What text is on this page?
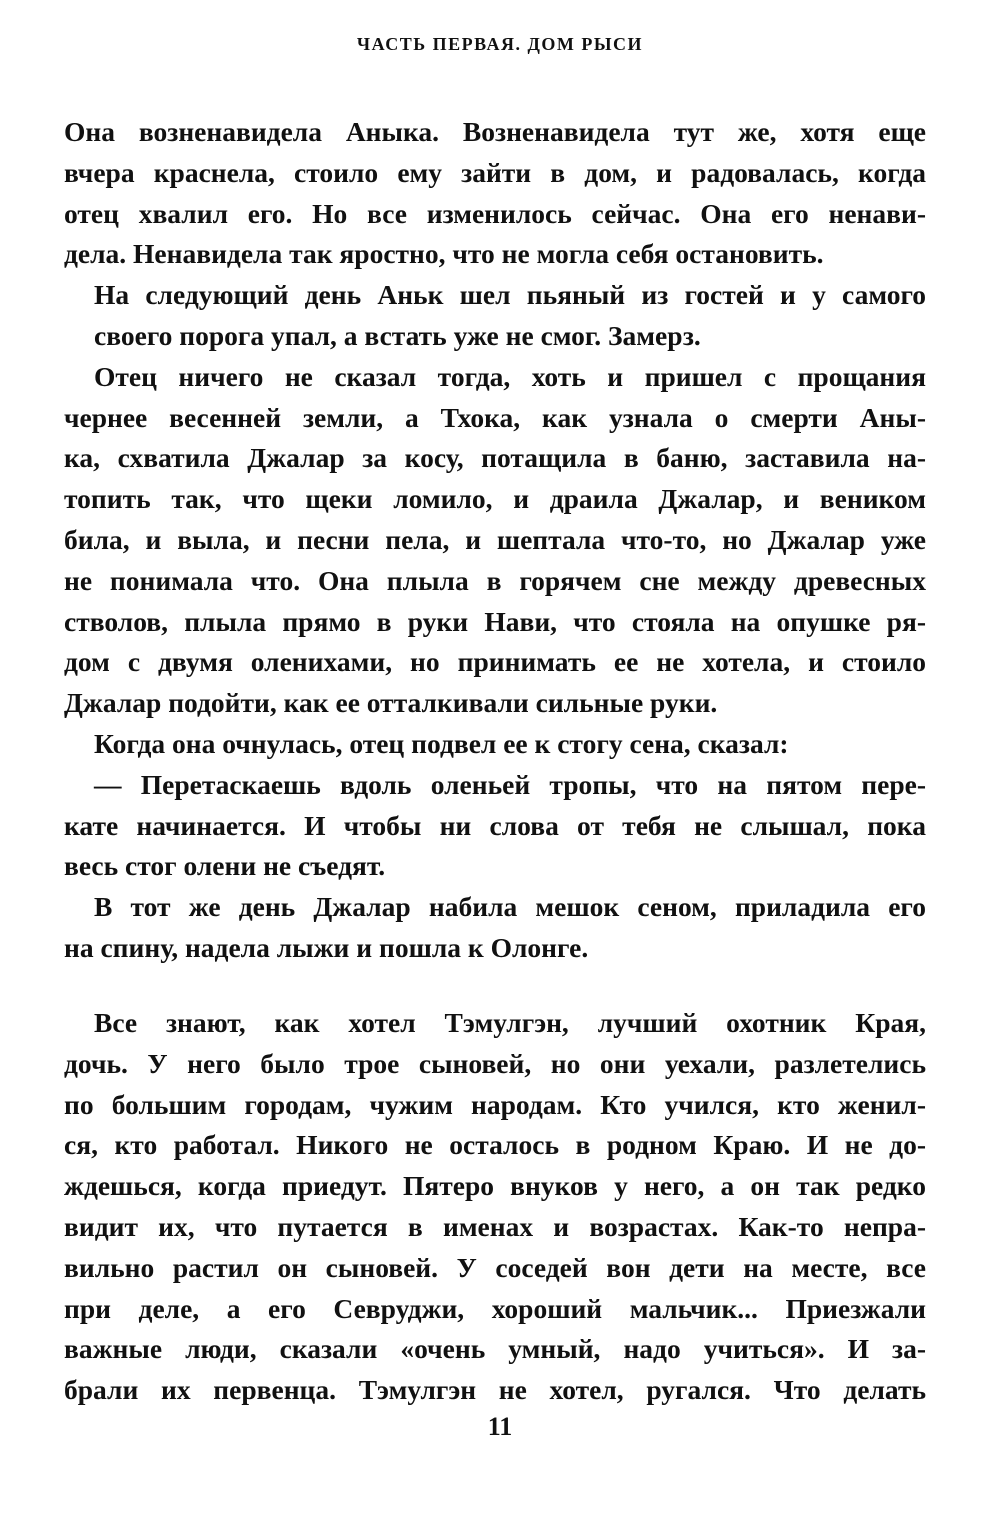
ЧАСТЬ ПЕРВАЯ. ДОМ РЫСИ
Она возненавидела Аныка. Возненавидела тут же, хотя еще
вчера краснела, стоило ему зайти в дом, и радовалась, когда
отец хвалил его. Но все изменилось сейчас. Она его ненави-
дела. Ненавидела так яростно, что не могла себя остановить.
На следующий день Аньк шел пьяный из гостей и у самого
своего порога упал, а встать уже не смог. Замерз.
Отец ничего не сказал тогда, хоть и пришел с прощания
чернее весенней земли, а Тхока, как узнала о смерти Аны-
ка, схватила Джалар за косу, потащила в баню, заставила на-
топить так, что щеки ломило, и драила Джалар, и веником
била, и выла, и песни пела, и шептала что-то, но Джалар уже
не понимала что. Она плыла в горячем сне между древесных
стволов, плыла прямо в руки Нави, что стояла на опушке ря-
дом с двумя оленихами, но принимать ее не хотела, и стоило
Джалар подойти, как ее отталкивали сильные руки.
Когда она очнулась, отец подвел ее к стогу сена, сказал:
— Перетаскаешь вдоль оленьей тропы, что на пятом пере-
кате начинается. И чтобы ни слова от тебя не слышал, пока
весь стог олени не съедят.
В тот же день Джалар набила мешок сеном, приладила его
на спину, надела лыжи и пошла к Олонге.
Все знают, как хотел Тэмулгэн, лучший охотник Края,
дочь. У него было трое сыновей, но они уехали, разлетелись
по большим городам, чужим народам. Кто учился, кто женил-
ся, кто работал. Никого не осталось в родном Краю. И не до-
ждешься, когда приедут. Пятеро внуков у него, а он так редко
видит их, что путается в именах и возрастах. Как-то непра-
вильно растил он сыновей. У соседей вон дети на месте, все
при деле, а его Севруджи, хороший мальчик... Приезжали
важные люди, сказали «очень умный, надо учиться». И за-
брали их первенца. Тэмулгэн не хотел, ругался. Что делать
11
